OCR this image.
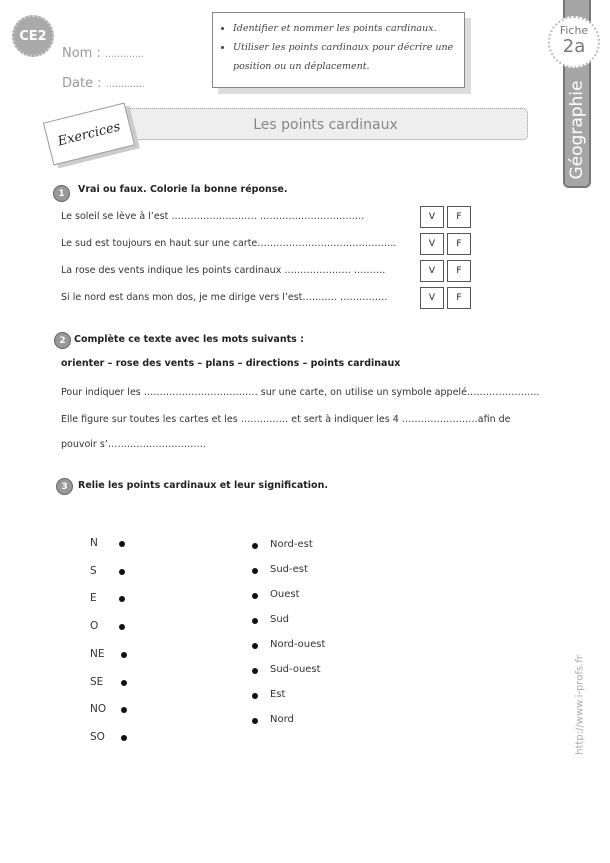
CE2
Nom : ……………………………
Date : ……………………………
• Identifier et nommer les points cardinaux.
• Utiliser les points cardinaux pour décrire une position ou un déplacement.
Géographie
Fiche
2a
Les points cardinaux
Exercices
1	Vrai ou faux. Colorie la bonne réponse.
Le soleil se lève à l’est ……………………… ……………………………	V	F
Le sud est toujours en haut sur une carte……………………………………..	V	F
La rose des vents indique les points cardinaux ………………… ….……	V	F
Si le nord est dans mon dos, je me dirige vers l’est…….…. ……………	V	F
2 Complète ce texte avec les mots suivants :
orienter – rose des vents – plans – directions – points cardinaux
Pour indiquer les ……………………………… sur une carte, on utilise un symbole appelé…………………..
Elle figure sur toutes les cartes et les …………… et sert à indiquer les 4 ……………………afin de
pouvoir s’………………………….
3	Relie les points cardinaux et leur signification.
N
S
E
O
NE
SE
NO
SO
Nord-est
Sud-est
Ouest
Sud
Nord-ouest
Sud-ouest
Est
Nord	http://www.i-profs.fr
